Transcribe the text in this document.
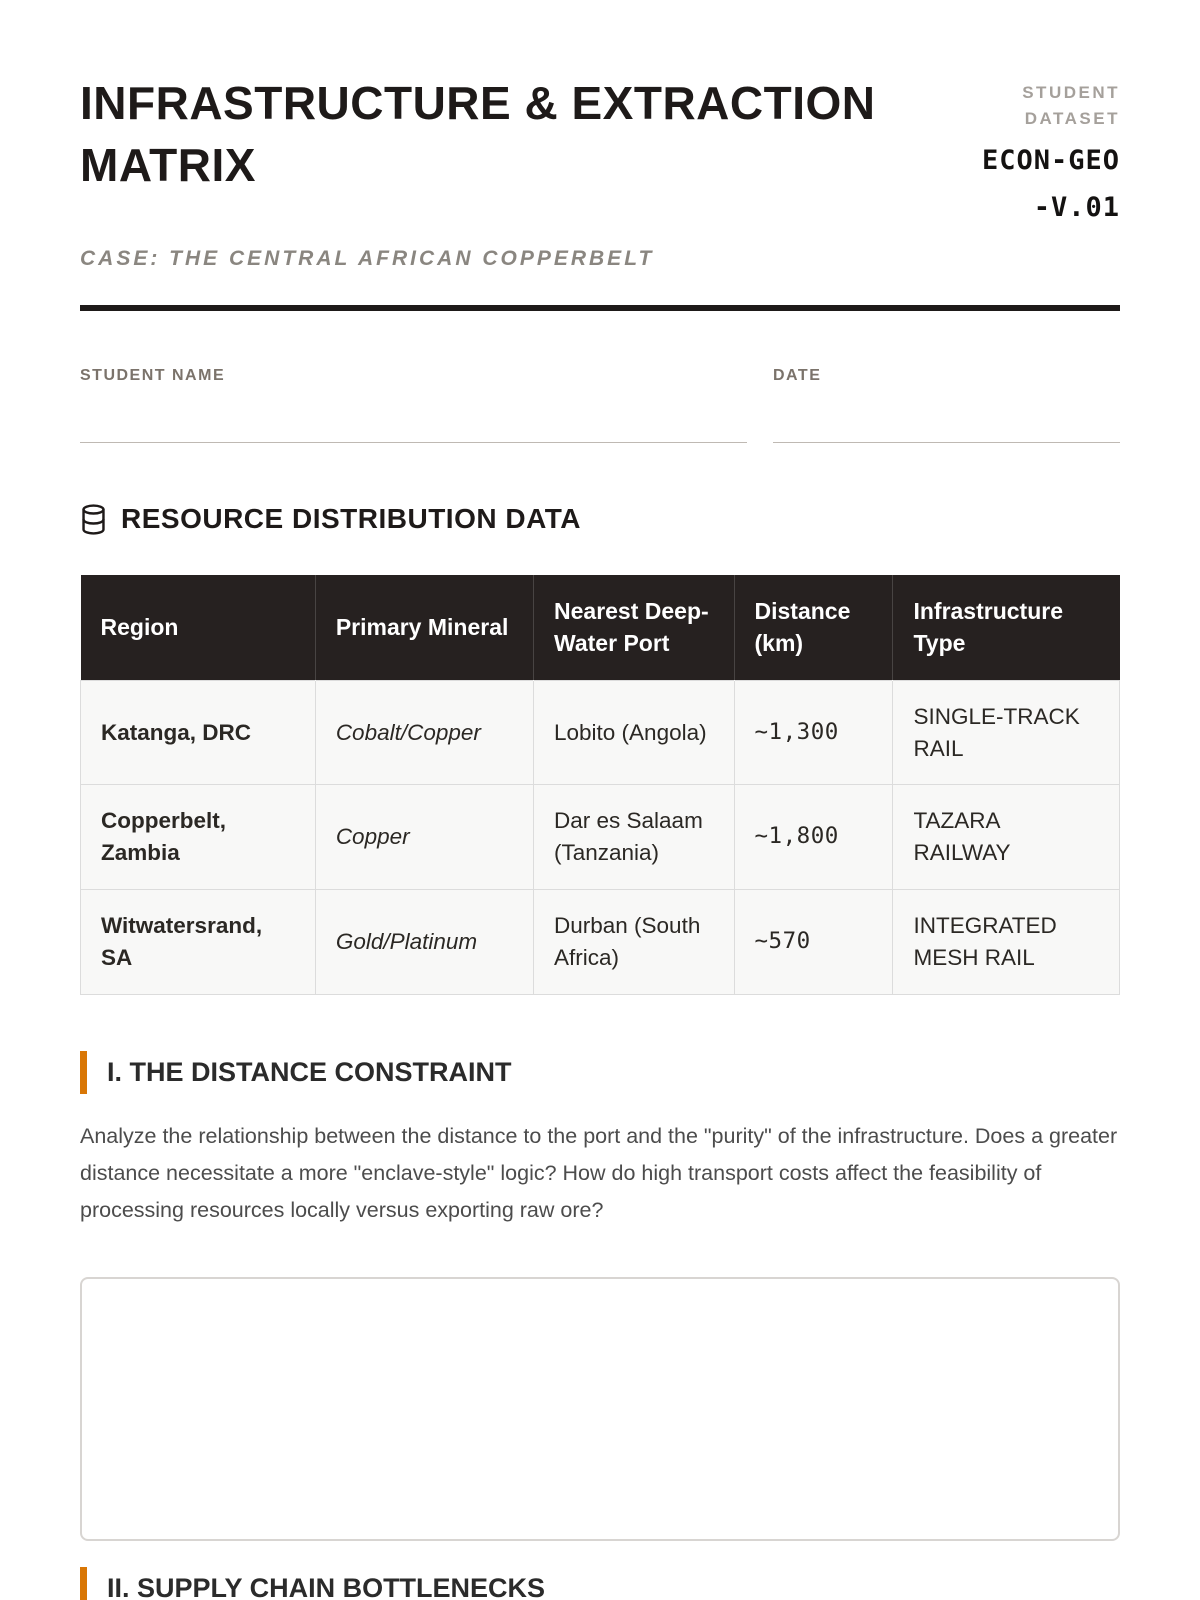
INFRASTRUCTURE & EXTRACTION MATRIX
STUDENT DATASET
ECON-GEO-V.01
CASE: THE CENTRAL AFRICAN COPPERBELT
STUDENT NAME	DATE
RESOURCE DISTRIBUTION DATA
Region	Primary Mineral	Nearest Deep-Water Port	Distance (km)	Infrastructure Type
Katanga, DRC	Cobalt/Copper	Lobito (Angola)	~1,300	SINGLE-TRACK RAIL
Copperbelt, Zambia	Copper	Dar es Salaam (Tanzania)	~1,800	TAZARA RAILWAY
Witwatersrand, SA	Gold/Platinum	Durban (South Africa)	~570	INTEGRATED MESH RAIL
I. THE DISTANCE CONSTRAINT

Analyze the relationship between the distance to the port and the "purity" of the infrastructure. Does a greater distance necessitate a more "enclave-style" logic? How do high transport costs affect the feasibility of processing resources locally versus exporting raw ore?

II. SUPPLY CHAIN BOTTLENECKS
